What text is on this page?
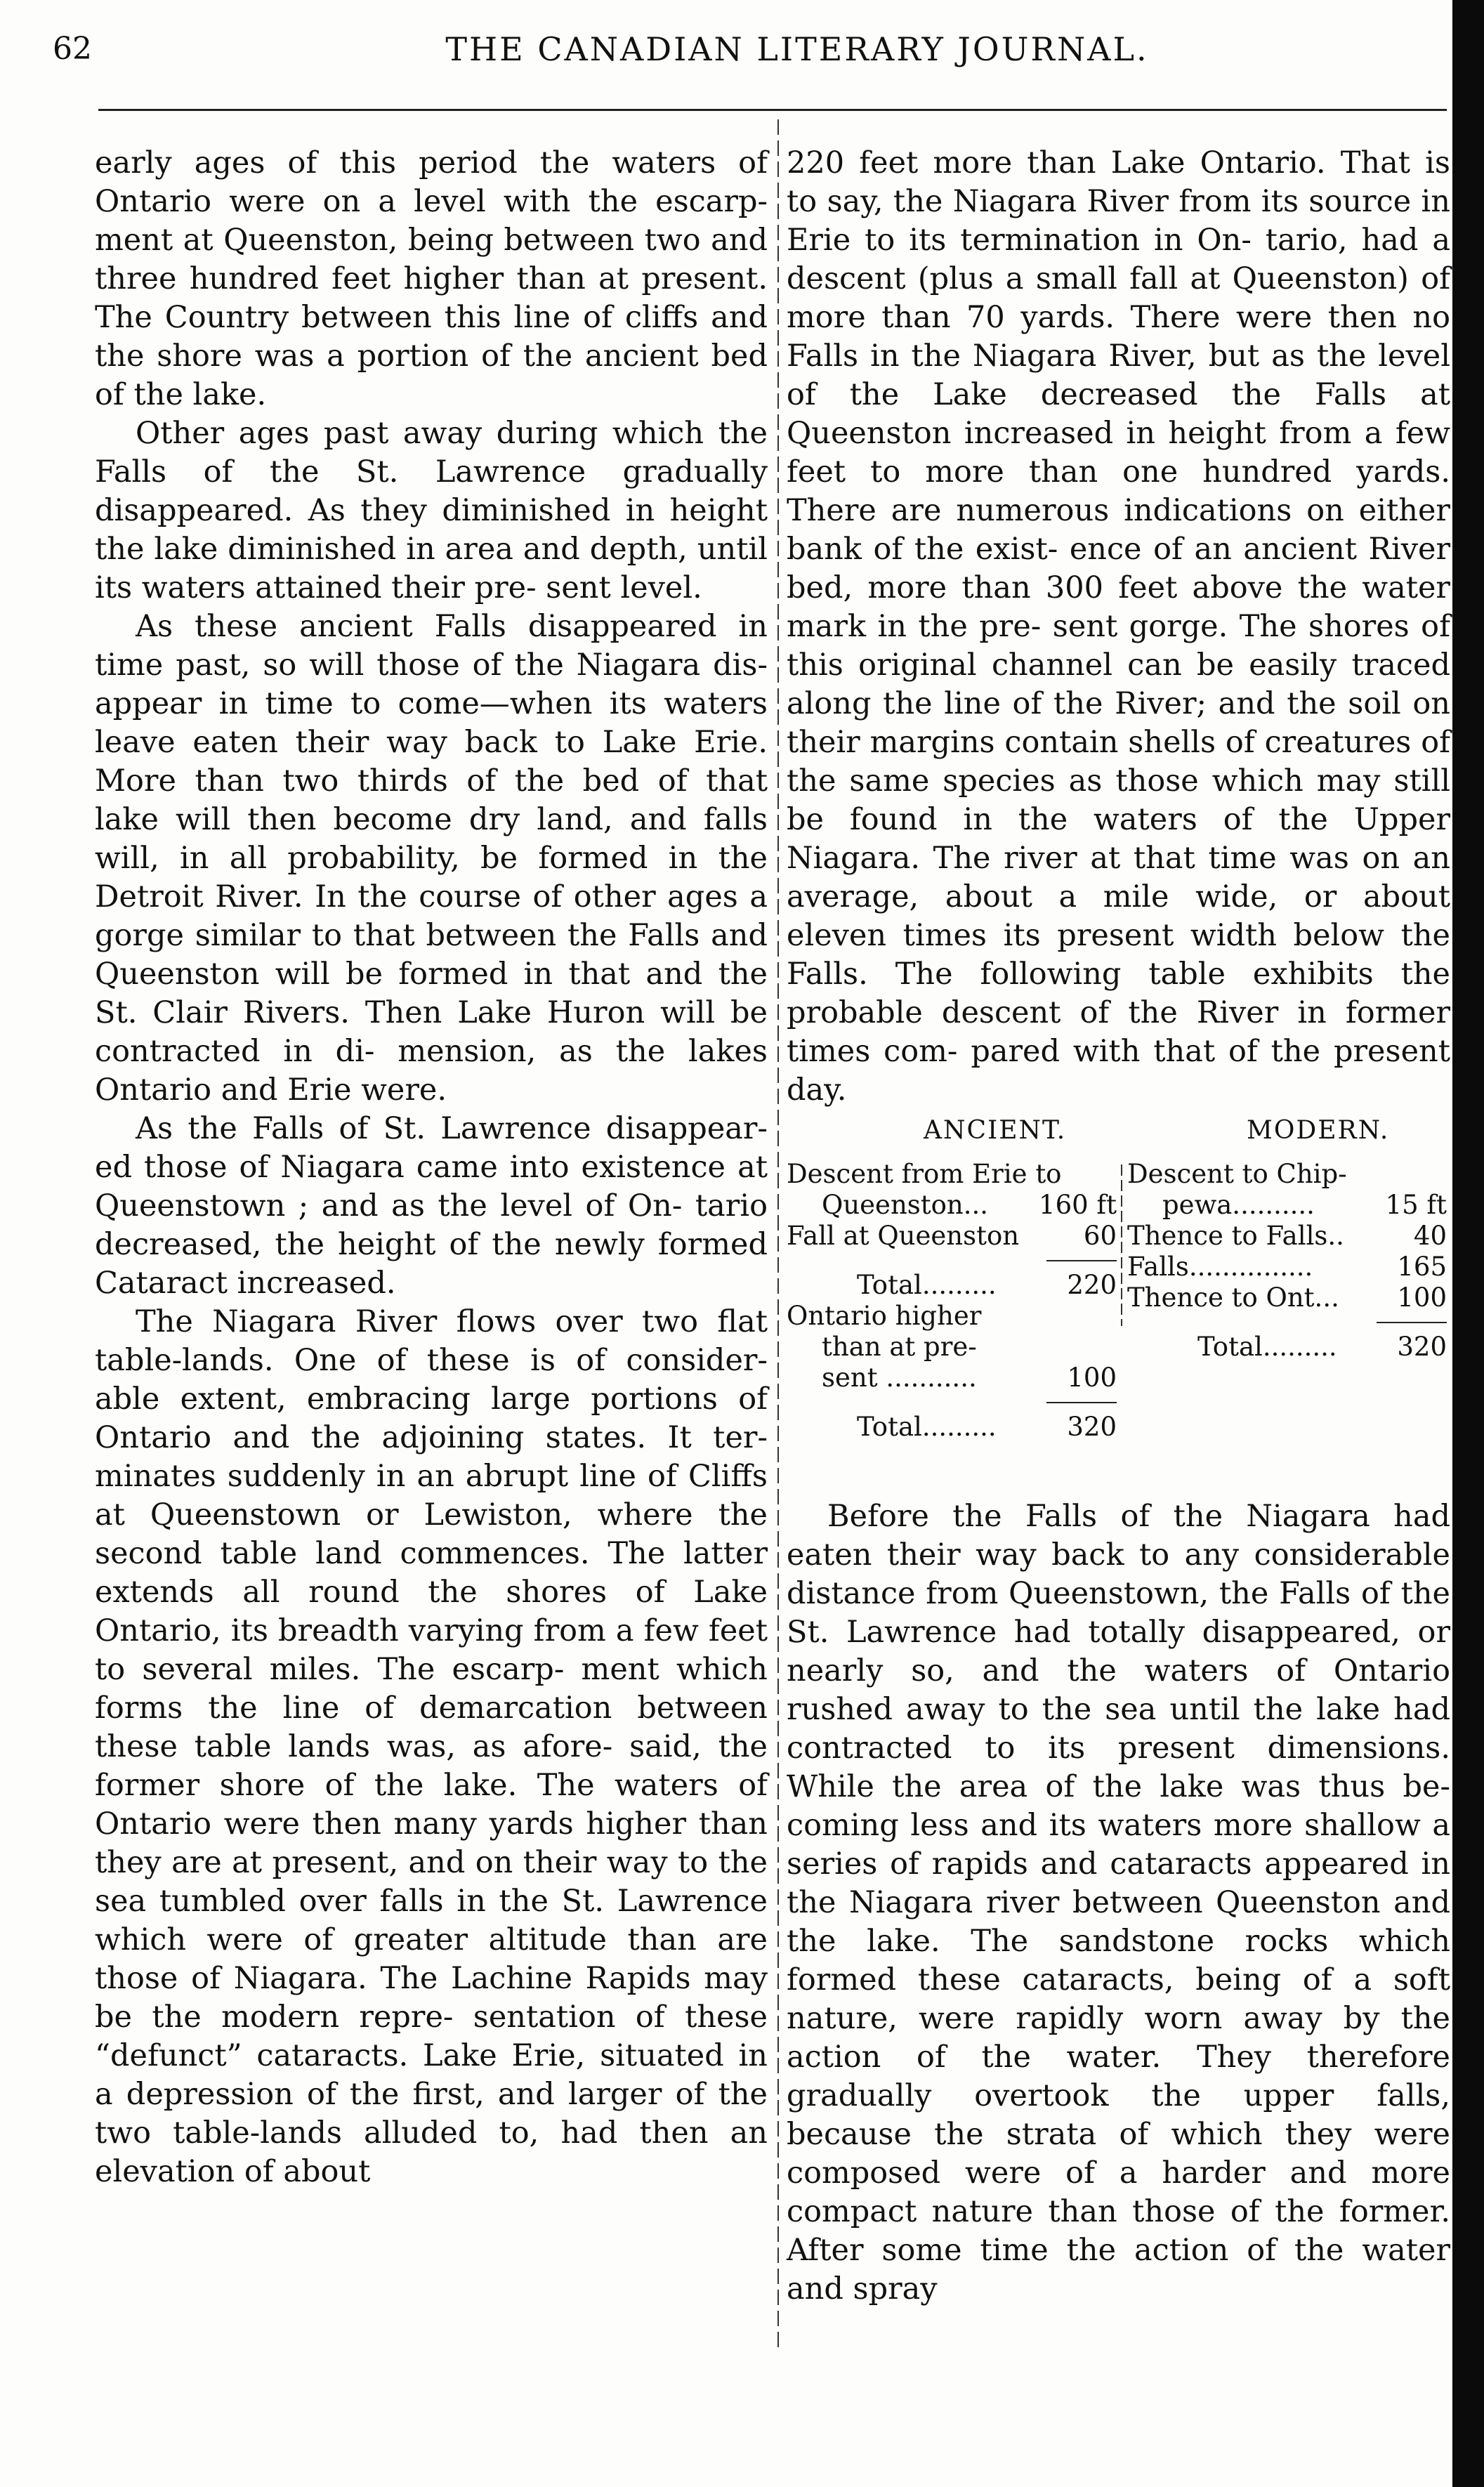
62	THE CANADIAN LITERARY JOURNAL.

early ages of this period the waters of Ontario were on a level with the escarp- ment at Queenston, being between two and three hundred feet higher than at present. The Country between this line of cliffs and the shore was a portion of the ancient bed of the lake.

Other ages past away during which the Falls of the St. Lawrence gradually disappeared. As they diminished in height the lake diminished in area and depth, until its waters attained their pre- sent level.

As these ancient Falls disappeared in time past, so will those of the Niagara dis- appear in time to come—when its waters leave eaten their way back to Lake Erie. More than two thirds of the bed of that lake will then become dry land, and falls will, in all probability, be formed in the Detroit River. In the course of other ages a gorge similar to that between the Falls and Queenston will be formed in that and the St. Clair Rivers. Then Lake Huron will be contracted in di- mension, as the lakes Ontario and Erie were.

As the Falls of St. Lawrence disappear- ed those of Niagara came into existence at Queenstown ; and as the level of On- tario decreased, the height of the newly formed Cataract increased.

The Niagara River flows over two flat table-lands. One of these is of consider- able extent, embracing large portions of Ontario and the adjoining states. It ter- minates suddenly in an abrupt line of Cliffs at Queenstown or Lewiston, where the second table land commences. The latter extends all round the shores of Lake Ontario, its breadth varying from a few feet to several miles. The escarp- ment which forms the line of demarcation between these table lands was, as afore- said, the former shore of the lake. The waters of Ontario were then many yards higher than they are at present, and on their way to the sea tumbled over falls in the St. Lawrence which were of greater altitude than are those of Niagara. The Lachine Rapids may be the modern repre- sentation of these “defunct” cataracts. Lake Erie, situated in a depression of the first, and larger of the two table-lands alluded to, had then an elevation of about

220 feet more than Lake Ontario. That is to say, the Niagara River from its source in Erie to its termination in On- tario, had a descent (plus a small fall at Queenston) of more than 70 yards. There were then no Falls in the Niagara River, but as the level of the Lake decreased the Falls at Queenston increased in height from a few feet to more than one hundred yards. There are numerous indications on either bank of the exist- ence of an ancient River bed, more than 300 feet above the water mark in the pre- sent gorge. The shores of this original channel can be easily traced along the line of the River; and the soil on their margins contain shells of creatures of the same species as those which may still be found in the waters of the Upper Niagara. The river at that time was on an average, about a mile wide, or about eleven times its present width below the Falls. The following table exhibits the probable descent of the River in former times com- pared with that of the present day.

ANCIENT.	MODERN.
Descent from Erie to
Queenston...	160 ft
Fall at Queenston	60
Total.........	220
Ontario higher
than at pre-
sent ...........	100
Total.........	320
Descent to Chip-
pewa..........	15 ft
Thence to Falls..	40
Falls...............	165
Thence to Ont...	100
Total.........	320

Before the Falls of the Niagara had eaten their way back to any considerable distance from Queenstown, the Falls of the St. Lawrence had totally disappeared, or nearly so, and the waters of Ontario rushed away to the sea until the lake had contracted to its present dimensions. While the area of the lake was thus be- coming less and its waters more shallow a series of rapids and cataracts appeared in the Niagara river between Queenston and the lake. The sandstone rocks which formed these cataracts, being of a soft nature, were rapidly worn away by the action of the water. They therefore gradually overtook the upper falls, because the strata of which they were composed were of a harder and more compact nature than those of the former. After some time the action of the water and spray
